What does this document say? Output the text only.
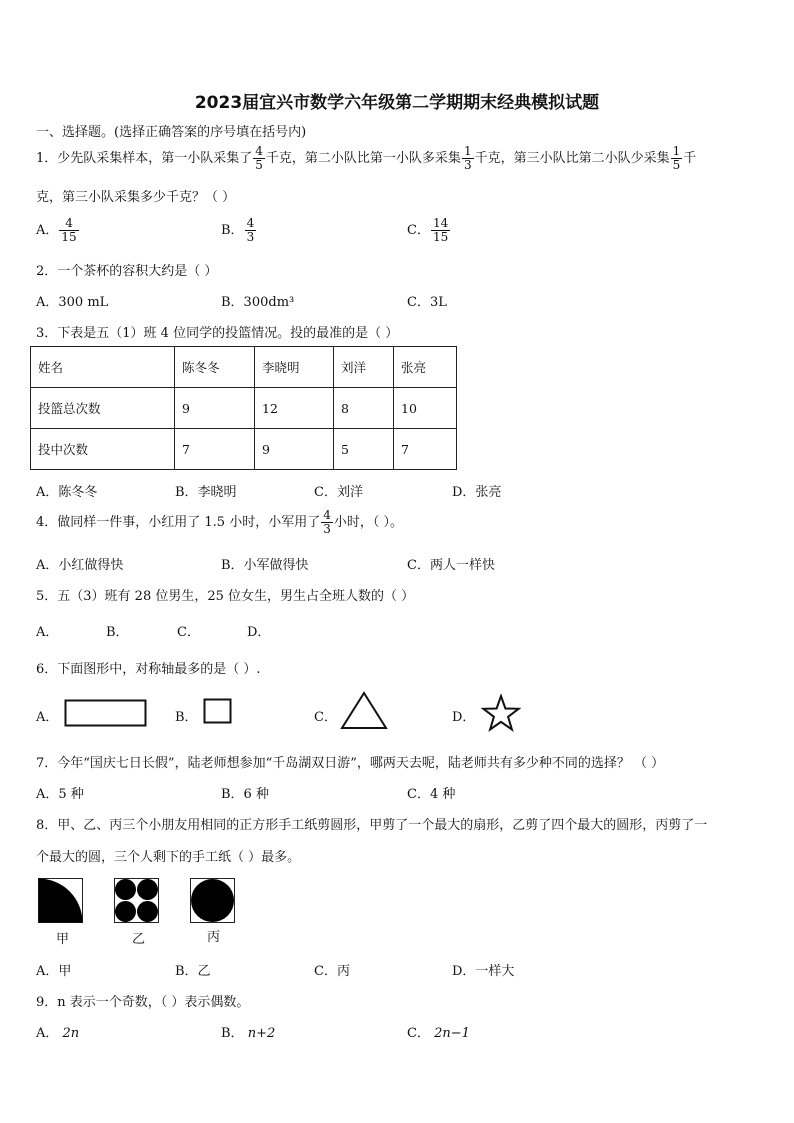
2023届宜兴市数学六年级第二学期期末经典模拟试题
一、选择题。(选择正确答案的序号填在括号内)
1．少先队采集样本，第一小队采集了 $\frac{4}{5}$ 千克，第二小队比第一小队多采集 $\frac{1}{3}$ 千克，第三小队比第二小队少采集 $\frac{1}{5}$ 千
克，第三小队采集多少千克？（ ）
A． $\frac{4}{15}$	B． $\frac{4}{3}$	C． $\frac{14}{15}$
2．一个茶杯的容积大约是（ ）
A．300 mL	B．300dm³	C．3L
3．下表是五（1）班 4 位同学的投篮情况。投的最准的是（ ）
姓名	陈冬冬	李晓明	刘洋	张亮
投篮总次数	9	12	8	10
投中次数	7	9	5	7
A．陈冬冬	B．李晓明	C．刘洋	D．张亮
4．做同样一件事，小红用了 1.5 小时，小军用了 $\frac{4}{3}$ 小时，（ ）。
A．小红做得快	B．小军做得快	C．两人一样快
5．五（3）班有 28 位男生，25 位女生，男生占全班人数的（ ）
A．	B．	C．	D．
6．下面图形中，对称轴最多的是（ ）.
A．	B．	C．	D．
7．今年“国庆七日长假”，陆老师想参加“千岛湖双日游”，哪两天去呢，陆老师共有多少种不同的选择？ （ ）
A．5 种	B．6 种	C．4 种
8．甲、乙、丙三个小朋友用相同的正方形手工纸剪圆形，甲剪了一个最大的扇形，乙剪了四个最大的圆形，丙剪了一
个最大的圆，三个人剩下的手工纸（ ）最多。
甲	乙	丙
A．甲	B．乙	C．丙	D．一样大
9．n 表示一个奇数，（ ）表示偶数。
A． 2n	B． n+2	C． 2n−1
